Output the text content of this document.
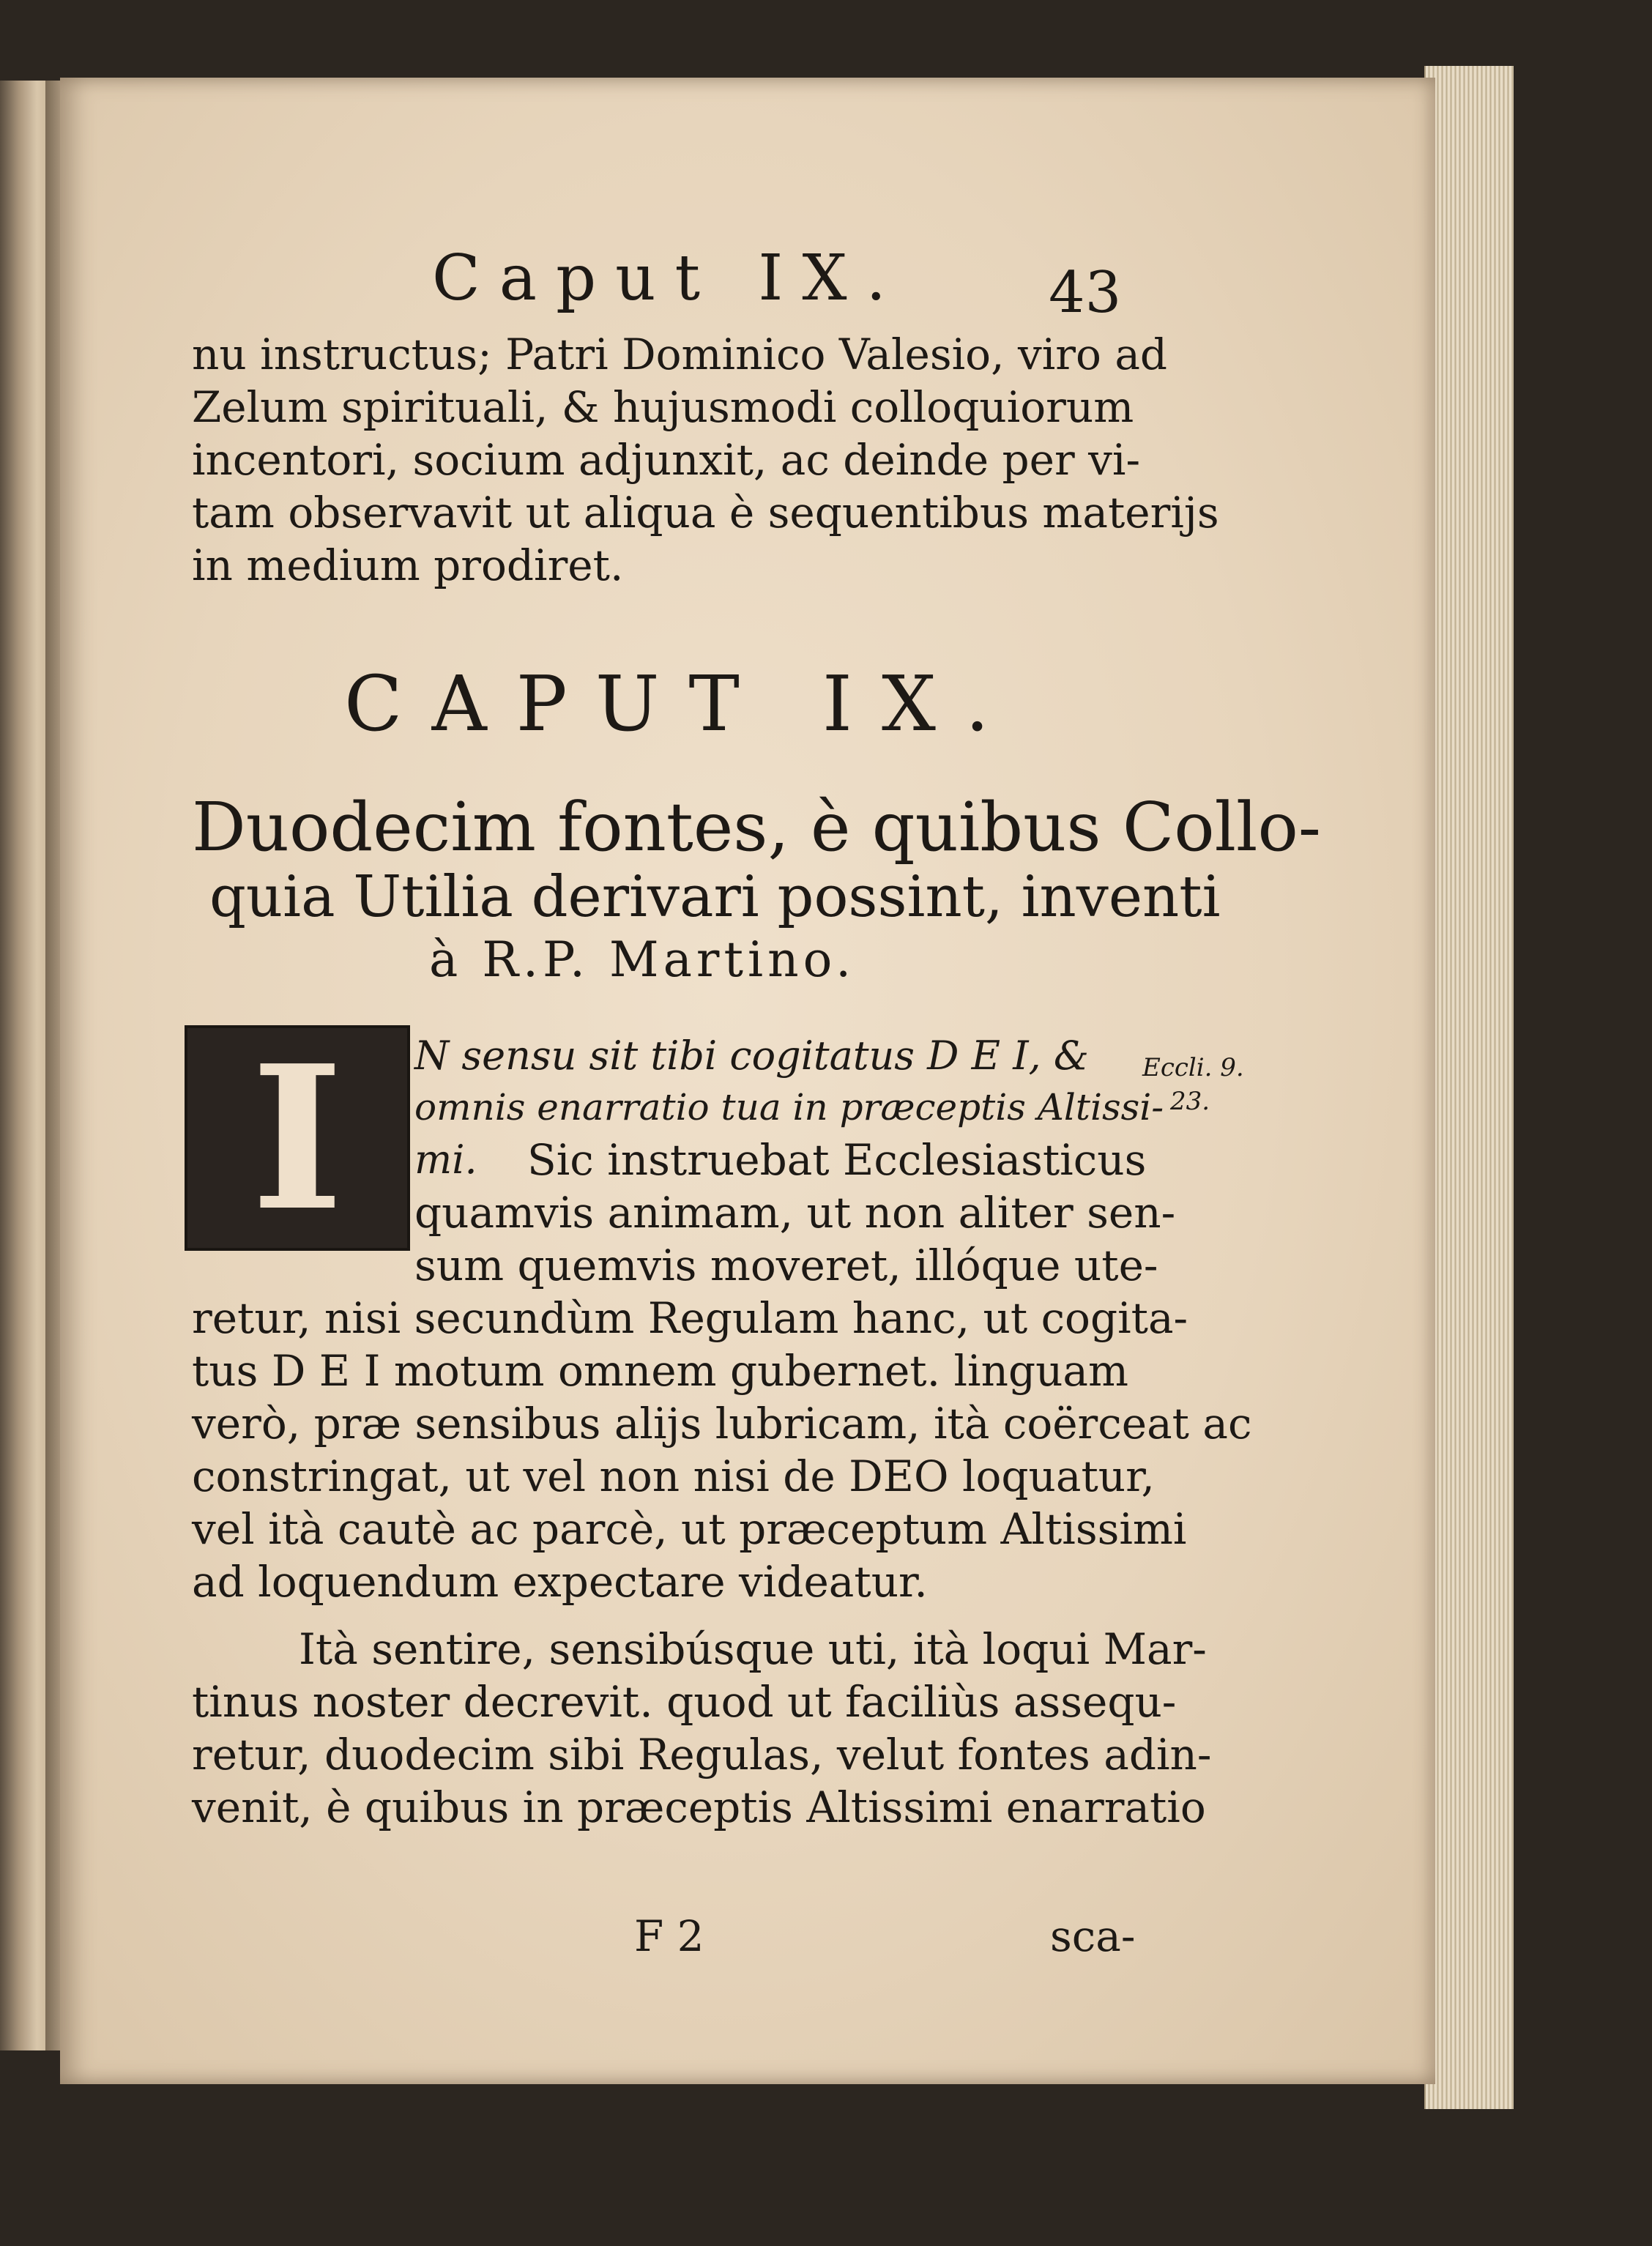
Caput IX.	43
nu instructus; Patri Dominico Valesio, viro ad
Zelum spirituali, & hujusmodi colloquiorum
incentori, socium adjunxit, ac deinde per vi-
tam observavit ut aliqua è sequentibus materijs
in medium prodiret.
CAPUT IX.
Duodecim fontes, è quibus Collo-
quia Utilia derivari possint, inventi
à R.P. Martino.
I	N sensu sit tibi cogitatus D E I, &
omnis enarratio tua in præceptis Altissi-
mi. Sic instruebat Ecclesiasticus
quamvis animam, ut non aliter sen-
sum quemvis moveret, illóque ute-
retur, nisi secundùm Regulam hanc, ut cogita-
tus D E I motum omnem gubernet. linguam
verò, præ sensibus alijs lubricam, ità coërceat ac
constringat, ut vel non nisi de DEO loquatur,
vel ità cautè ac parcè, ut præceptum Altissimi
ad loquendum expectare videatur.
Ità sentire, sensibúsque uti, ità loqui Mar-
tinus noster decrevit. quod ut faciliùs assequ-
retur, duodecim sibi Regulas, velut fontes adin-
venit, è quibus in præceptis Altissimi enarratio
Eccli. 9.
23.
F 2	sca-
